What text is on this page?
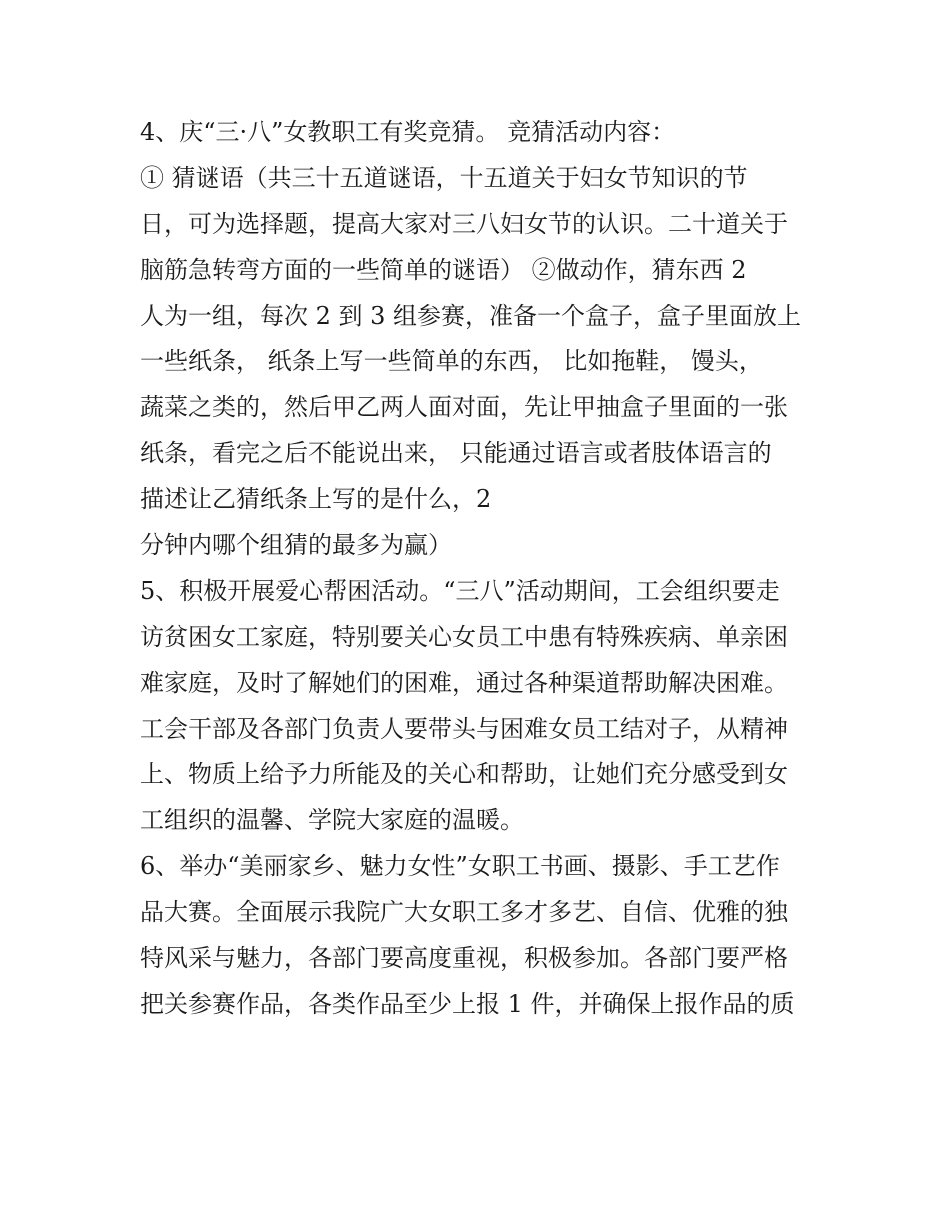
4、庆“三·八”女教职工有奖竞猜。 竞猜活动内容：
① 猜谜语（共三十五道谜语，十五道关于妇女节知识的节
日，可为选择题，提高大家对三八妇女节的认识。二十道关于
脑筋急转弯方面的一些简单的谜语） ②做动作，猜东西 2
人为一组，每次 2 到 3 组参赛，准备一个盒子，盒子里面放上
一些纸条， 纸条上写一些简单的东西， 比如拖鞋， 馒头，
蔬菜之类的，然后甲乙两人面对面，先让甲抽盒子里面的一张
纸条，看完之后不能说出来， 只能通过语言或者肢体语言的
描述让乙猜纸条上写的是什么，2
分钟内哪个组猜的最多为赢）
5、积极开展爱心帮困活动。“三八”活动期间，工会组织要走
访贫困女工家庭，特别要关心女员工中患有特殊疾病、单亲困
难家庭，及时了解她们的困难，通过各种渠道帮助解决困难。
工会干部及各部门负责人要带头与困难女员工结对子，从精神
上、物质上给予力所能及的关心和帮助，让她们充分感受到女
工组织的温馨、学院大家庭的温暖。
6、举办“美丽家乡、魅力女性”女职工书画、摄影、手工艺作
品大赛。全面展示我院广大女职工多才多艺、自信、优雅的独
特风采与魅力，各部门要高度重视，积极参加。各部门要严格
把关参赛作品，各类作品至少上报 1 件，并确保上报作品的质
